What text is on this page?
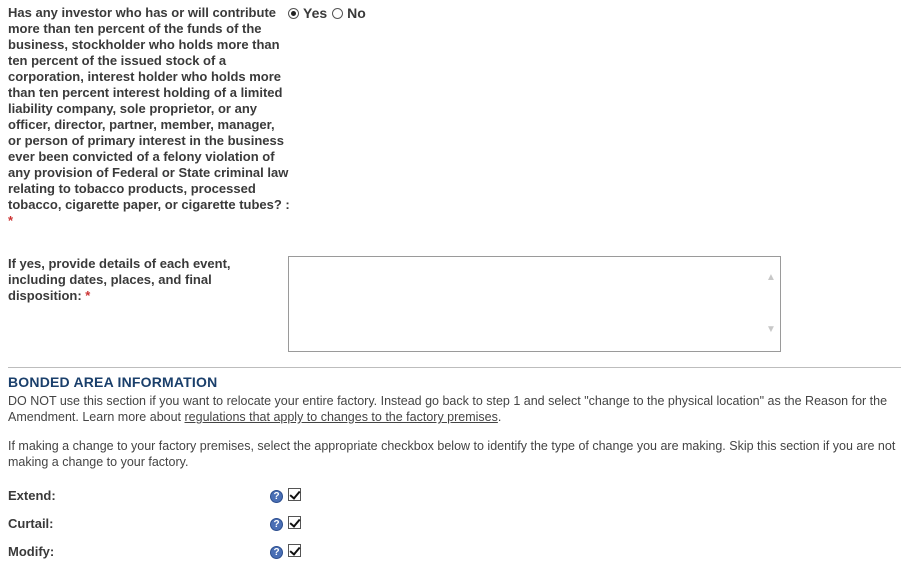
Has any investor who has or will contribute more than ten percent of the funds of the business, stockholder who holds more than ten percent of the issued stock of a corporation, interest holder who holds more than ten percent interest holding of a limited liability company, sole proprietor, or any officer, director, partner, member, manager, or person of primary interest in the business ever been convicted of a felony violation of any provision of Federal or State criminal law relating to tobacco products, processed tobacco, cigarette paper, or cigarette tubes? : *
Yes No
If yes, provide details of each event, including dates, places, and final disposition: *
▲
▼
BONDED AREA INFORMATION
DO NOT use this section if you want to relocate your entire factory. Instead go back to step 1 and select "change to the physical location" as the Reason for the Amendment. Learn more about regulations that apply to changes to the factory premises.
If making a change to your factory premises, select the appropriate checkbox below to identify the type of change you are making. Skip this section if you are not making a change to your factory.
Extend:	?
Curtail:	?
Modify:	?
